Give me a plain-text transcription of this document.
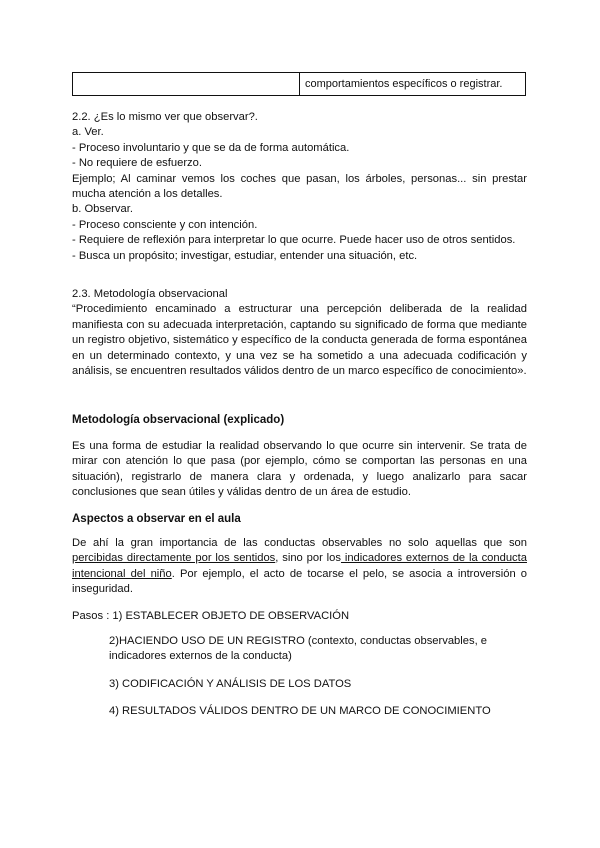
comportamientos específicos o registrar.

2.2. ¿Es lo mismo ver que observar?.

a. Ver.

- Proceso involuntario y que se da de forma automática.

- No requiere de esfuerzo.

Ejemplo; Al caminar vemos los coches que pasan, los árboles, personas... sin prestar mucha atención a los detalles.

b. Observar.

- Proceso consciente y con intención.

- Requiere de reflexión para interpretar lo que ocurre. Puede hacer uso de otros sentidos.

- Busca un propósito; investigar, estudiar, entender una situación, etc.

2.3. Metodología observacional

“Procedimiento encaminado a estructurar una percepción deliberada de la realidad manifiesta con su adecuada interpretación, captando su significado de forma que mediante un registro objetivo, sistemático y específico de la conducta generada de forma espontánea en un determinado contexto, y una vez se ha sometido a una adecuada codificación y análisis, se encuentren resultados válidos dentro de un marco específico de conocimiento».

Metodología observacional (explicado)

Es una forma de estudiar la realidad observando lo que ocurre sin intervenir. Se trata de mirar con atención lo que pasa (por ejemplo, cómo se comportan las personas en una situación), registrarlo de manera clara y ordenada, y luego analizarlo para sacar conclusiones que sean útiles y válidas dentro de un área de estudio.

Aspectos a observar en el aula

De ahí la gran importancia de las conductas observables no solo aquellas que son percibidas directamente por los sentidos, sino por los indicadores externos de la conducta intencional del niño. Por ejemplo, el acto de tocarse el pelo, se asocia a introversión o inseguridad.
Pasos : 1) ESTABLECER OBJETO DE OBSERVACIÓN
2)HACIENDO USO DE UN REGISTRO (contexto, conductas observables, e indicadores externos de la conducta)
3) CODIFICACIÓN Y ANÁLISIS DE LOS DATOS
4) RESULTADOS VÁLIDOS DENTRO DE UN MARCO DE CONOCIMIENTO
